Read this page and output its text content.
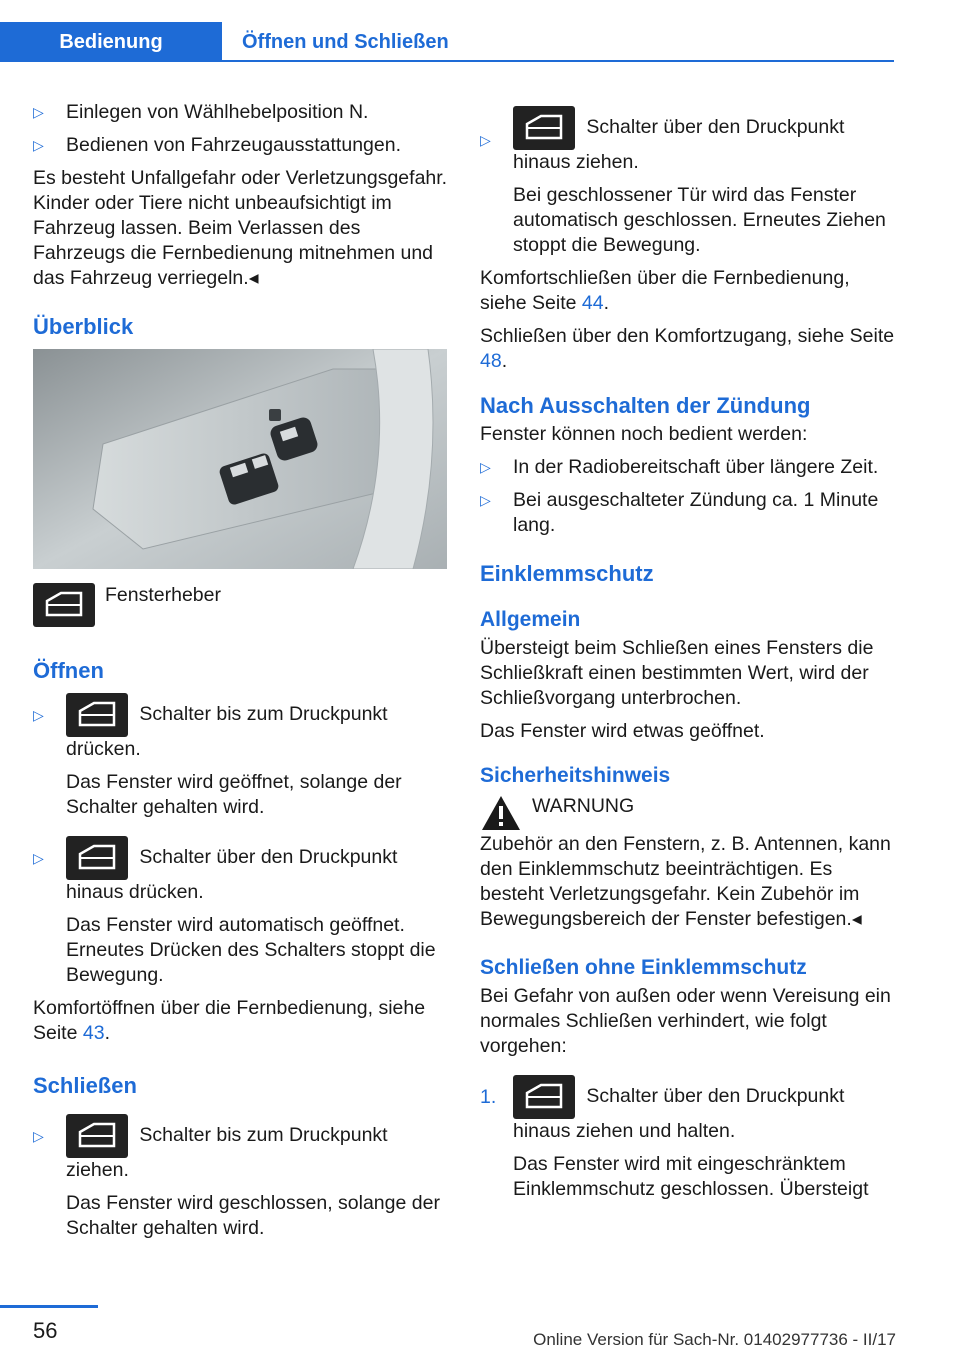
Bedienung	Öffnen und Schließen
▷ Einlegen von Wählhebelposition N.
▷ Bedienen von Fahrzeugausstattungen.

Es besteht Unfallgefahr oder Verletzungsgefahr. Kinder oder Tiere nicht unbeaufsichtigt im Fahrzeug lassen. Beim Verlassen des Fahrzeugs die Fernbedienung mitnehmen und das Fahrzeug verriegeln.◂

Überblick
Fensterheber
Öffnen
▷	Schalter bis zum Druckpunkt drücken.

Das Fenster wird geöffnet, solange der Schalter gehalten wird.

▷	Schalter über den Druckpunkt hinaus drücken.

Das Fenster wird automatisch geöffnet. Erneutes Drücken des Schalters stoppt die Bewegung.

Komfortöffnen über die Fernbedienung, siehe Seite 43.

Schließen
▷	Schalter bis zum Druckpunkt ziehen.

Das Fenster wird geschlossen, solange der Schalter gehalten wird.

▷
Schalter über den Druckpunkt hinaus ziehen.

Bei geschlossener Tür wird das Fenster automatisch geschlossen. Erneutes Ziehen stoppt die Bewegung.

Komfortschließen über die Fernbedienung, siehe Seite 44.

Schließen über den Komfortzugang, siehe Seite 48.

Nach Ausschalten der Zündung

Fenster können noch bedient werden:

▷ In der Radiobereitschaft über längere Zeit.
▷ Bei ausgeschalteter Zündung ca. 1 Minute lang.
Einklemmschutz
Allgemein

Übersteigt beim Schließen eines Fensters die Schließkraft einen bestimmten Wert, wird der Schließvorgang unterbrochen.

Das Fenster wird etwas geöffnet.

Sicherheitshinweis
WARNUNG

Zubehör an den Fenstern, z. B. Antennen, kann den Einklemmschutz beeinträchtigen. Es besteht Verletzungsgefahr. Kein Zubehör im Bewegungsbereich der Fenster befestigen.◂

Schließen ohne Einklemmschutz

Bei Gefahr von außen oder wenn Vereisung ein normales Schließen verhindert, wie folgt vorgehen:

1.	Schalter über den Druckpunkt hinaus ziehen und halten.

Das Fenster wird mit eingeschränktem Einklemmschutz geschlossen. Übersteigt

56	Online Version für Sach-Nr. 01402977736 - II/17
